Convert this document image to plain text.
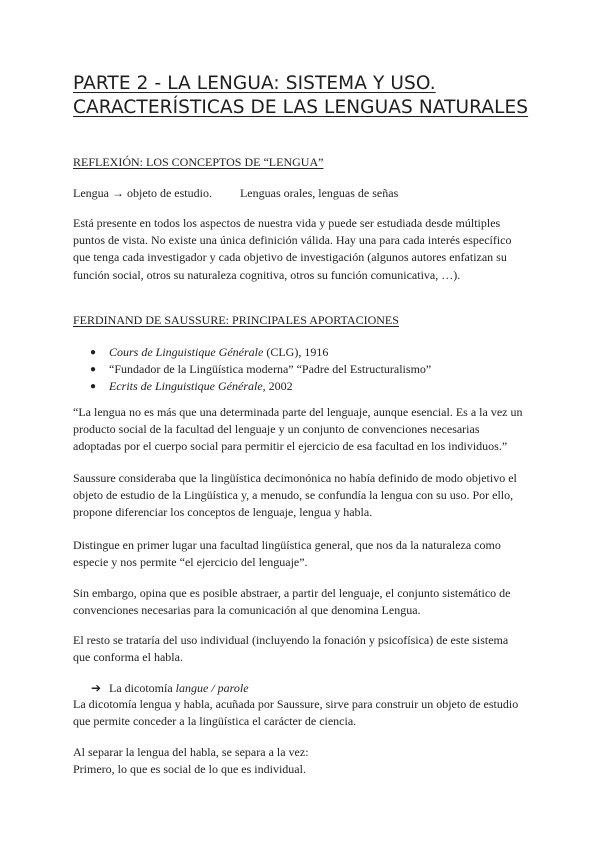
PARTE 2 - LA LENGUA: SISTEMA Y USO.
CARACTERÍSTICAS DE LAS LENGUAS NATURALES
REFLEXIÓN: LOS CONCEPTOS DE “LENGUA”
Lengua → objeto de estudio. Lenguas orales, lenguas de señas
Está presente en todos los aspectos de nuestra vida y puede ser estudiada desde múltiples
puntos de vista. No existe una única definición válida. Hay una para cada interés específico
que tenga cada investigador y cada objetivo de investigación (algunos autores enfatizan su
función social, otros su naturaleza cognitiva, otros su función comunicativa, …).
FERDINAND DE SAUSSURE: PRINCIPALES APORTACIONES
● Cours de Linguistique Générale (CLG), 1916
● “Fundador de la Lingüística moderna” “Padre del Estructuralismo”
● Ecrits de Linguistique Générale, 2002
“La lengua no es más que una determinada parte del lenguaje, aunque esencial. Es a la vez un
producto social de la facultad del lenguaje y un conjunto de convenciones necesarias
adoptadas por el cuerpo social para permitir el ejercicio de esa facultad en los individuos.”
Saussure consideraba que la lingüística decimonónica no había definido de modo objetivo el
objeto de estudio de la Lingüística y, a menudo, se confundía la lengua con su uso. Por ello,
propone diferenciar los conceptos de lenguaje, lengua y habla.
Distingue en primer lugar una facultad lingüística general, que nos da la naturaleza como
especie y nos permite “el ejercicio del lenguaje”.
Sin embargo, opina que es posible abstraer, a partir del lenguaje, el conjunto sistemático de
convenciones necesarias para la comunicación al que denomina Lengua.
El resto se trataría del uso individual (incluyendo la fonación y psicofísica) de este sistema
que conforma el habla.
➔ La dicotomía langue / parole
La dicotomía lengua y habla, acuñada por Saussure, sirve para construir un objeto de estudio
que permite conceder a la lingüística el carácter de ciencia.
Al separar la lengua del habla, se separa a la vez:
Primero, lo que es social de lo que es individual.
